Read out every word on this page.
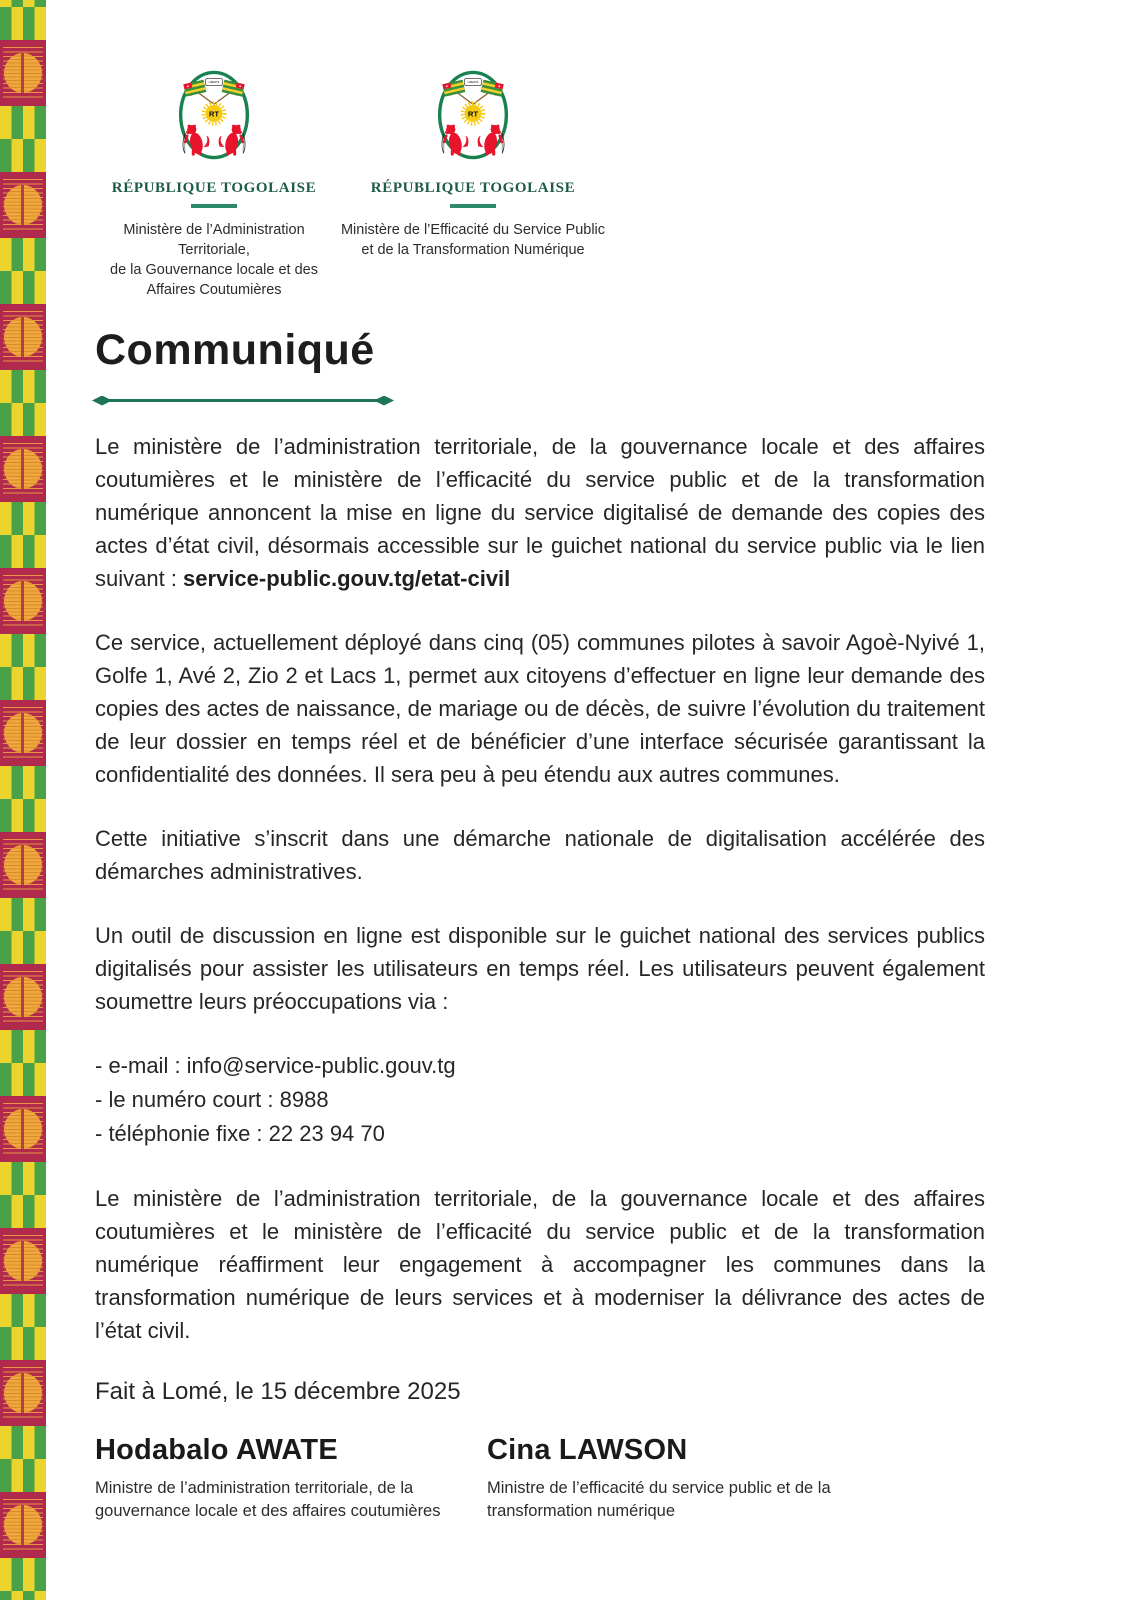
LIBERTÉ
★	★
RT
RÉPUBLIQUE TOGOLAISE
Ministère de l’Administration Territoriale,
de la Gouvernance locale et des
Affaires Coutumières
LIBERTÉ
★	★
RT
RÉPUBLIQUE TOGOLAISE
Ministère de l’Efficacité du Service Public
et de la Transformation Numérique
Communiqué

Le ministère de l’administration territoriale, de la gouvernance locale et des affaires coutumières et le ministère de l’efficacité du service public et de la transformation numérique annoncent la mise en ligne du service digitalisé de demande des copies des actes d’état civil, désormais accessible sur le guichet national du service public via le lien suivant : service-public.gouv.tg/etat-civil

Ce service, actuellement déployé dans cinq (05) communes pilotes à savoir Agoè-Nyivé 1, Golfe 1, Avé 2, Zio 2 et Lacs 1, permet aux citoyens d’effectuer en ligne leur demande des copies des actes de naissance, de mariage ou de décès, de suivre l’évolution du traitement de leur dossier en temps réel et de bénéficier d’une interface sécurisée garantissant la confidentialité des données. Il sera peu à peu étendu aux autres communes.

Cette initiative s’inscrit dans une démarche nationale de digitalisation accélérée des démarches administratives.

Un outil de discussion en ligne est disponible sur le guichet national des services publics digitalisés pour assister les utilisateurs en temps réel. Les utilisateurs peuvent également soumettre leurs préoccupations via :

- e-mail : info@service-public.gouv.tg
- le numéro court : 8988
- téléphonie fixe : 22 23 94 70

Le ministère de l’administration territoriale, de la gouvernance locale et des affaires coutumières et le ministère de l’efficacité du service public et de la transformation numérique réaffirment leur engagement à accompagner les communes dans la transformation numérique de leurs services et à moderniser la délivrance des actes de l’état civil.

Fait à Lomé, le 15 décembre 2025
Hodabalo AWATE
Ministre de l’administration territoriale, de la gouvernance locale et des affaires coutumières
Cina LAWSON
Ministre de l’efficacité du service public et de la transformation numérique
